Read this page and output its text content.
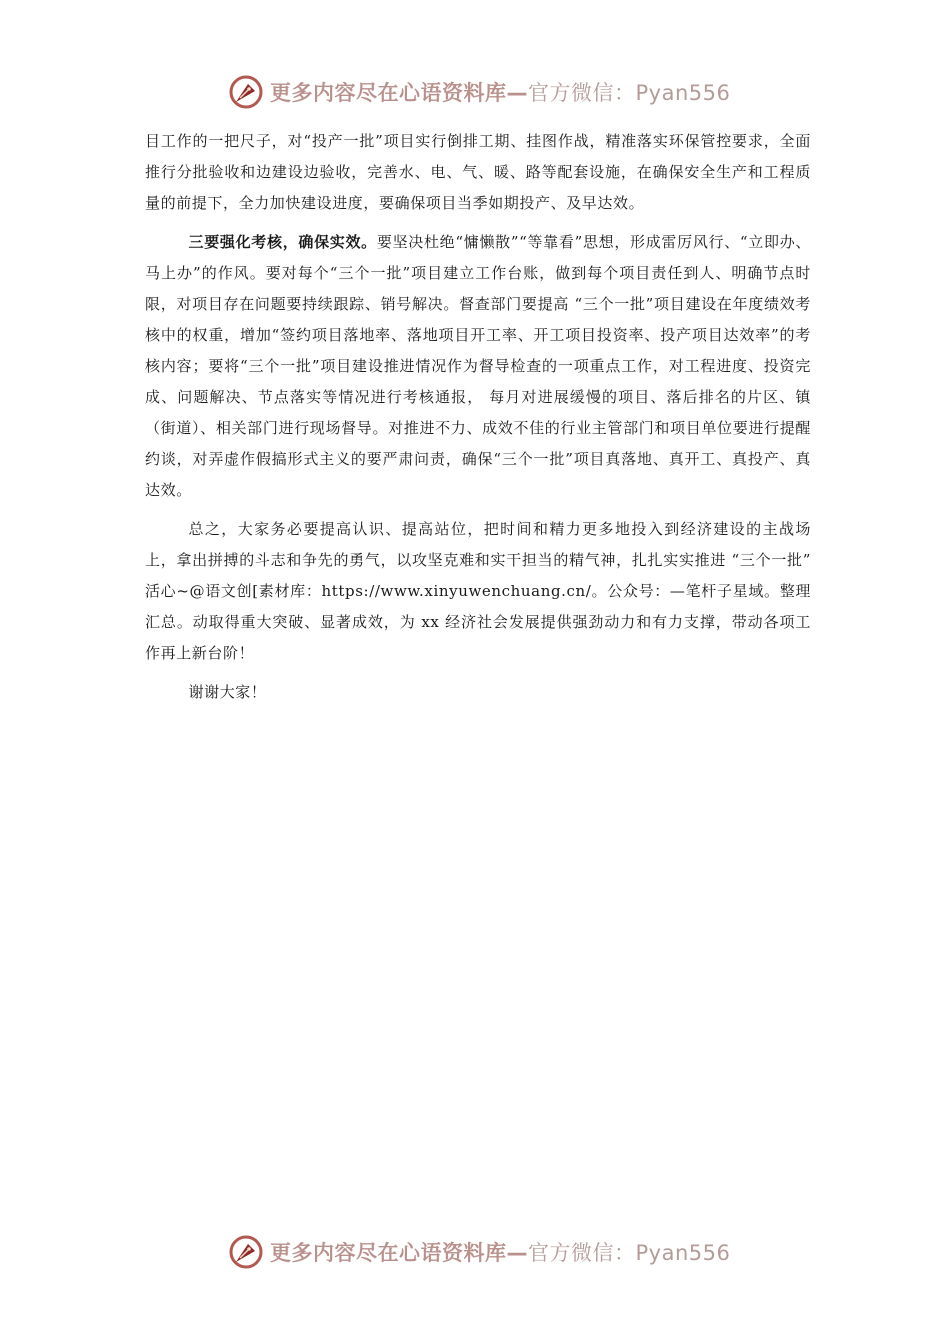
更多内容尽在心语资料库—官方微信：Pyan556

目工作的一把尺子，对“投产一批”项目实行倒排工期、挂图作战，精准落实环保管控要求，全面推行分批验收和边建设边验收，完善水、电、气、暖、路等配套设施，在确保安全生产和工程质量的前提下，全力加快建设进度，要确保项目当季如期投产、及早达效。

三要强化考核，确保实效。要坚决杜绝“慵懒散”“等靠看”思想，形成雷厉风行、“立即办、马上办”的作风。要对每个“三个一批”项目建立工作台账，做到每个项目责任到人、明确节点时限，对项目存在问题要持续跟踪、销号解决。督查部门要提高 “三个一批”项目建设在年度绩效考核中的权重，增加“签约项目落地率、落地项目开工率、开工项目投资率、投产项目达效率”的考核内容；要将“三个一批”项目建设推进情况作为督导检查的一项重点工作，对工程进度、投资完成、问题解决、节点落实等情况进行考核通报， 每月对进展缓慢的项目、落后排名的片区、镇（街道）、相关部门进行现场督导。对推进不力、成效不佳的行业主管部门和项目单位要进行提醒约谈，对弄虚作假搞形式主义的要严肃问责，确保“三个一批”项目真落地、真开工、真投产、真达效。

总之，大家务必要提高认识、提高站位，把时间和精力更多地投入到经济建设的主战场上，拿出拼搏的斗志和争先的勇气，以攻坚克难和实干担当的精气神，扎扎实实推进 “三个一批” 活心~@语文创[素材库：https://www.xinyuwenchuang.cn/。公众号：—笔杆子星域。整理汇总。动取得重大突破、显著成效，为 xx 经济社会发展提供强劲动力和有力支撑，带动各项工作再上新台阶！

谢谢大家！

更多内容尽在心语资料库—官方微信：Pyan556
